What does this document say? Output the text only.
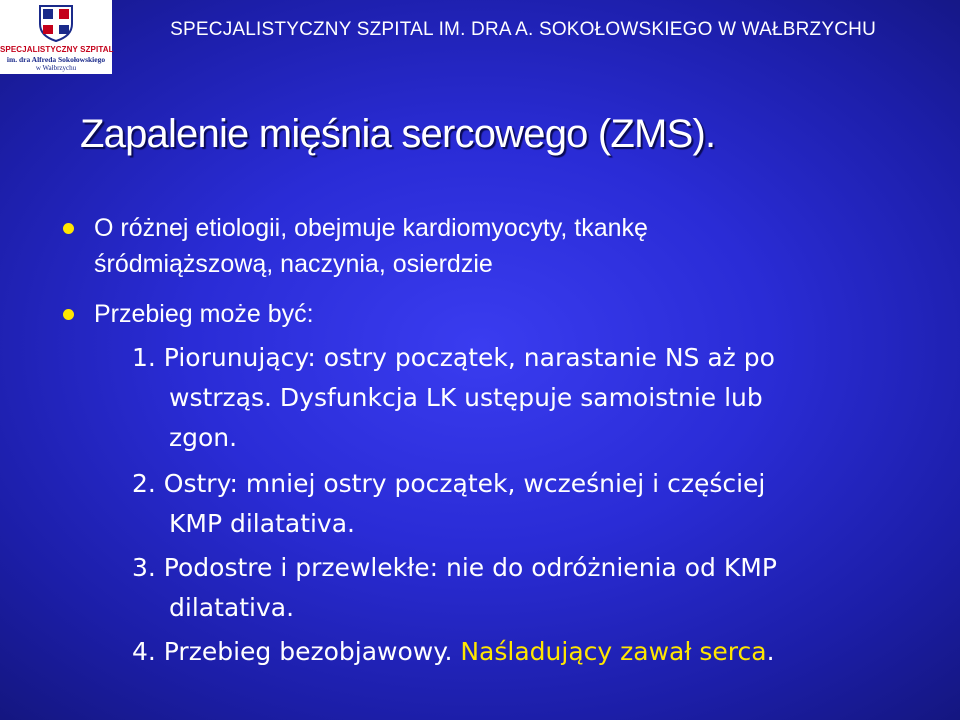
SPECJALISTYCZNY SZPITAL
im. dra Alfreda Sokołowskiego
w Wałbrzychu
SPECJALISTYCZNY SZPITAL IM. DRA A. SOKOŁOWSKIEGO W WAŁBRZYCHU
Zapalenie mięśnia sercowego (ZMS).
O różnej etiologii, obejmuje kardiomyocyty, tkankę
śródmiąższową, naczynia, osierdzie
Przebieg może być:
1. Piorunujący: ostry początek, narastanie NS aż po
wstrząs. Dysfunkcja LK ustępuje samoistnie lub
zgon.
2. Ostry: mniej ostry początek, wcześniej i częściej
KMP dilatativa.
3. Podostre i przewlekłe: nie do odróżnienia od KMP
dilatativa.
4. Przebieg bezobjawowy. Naśladujący zawał serca.
